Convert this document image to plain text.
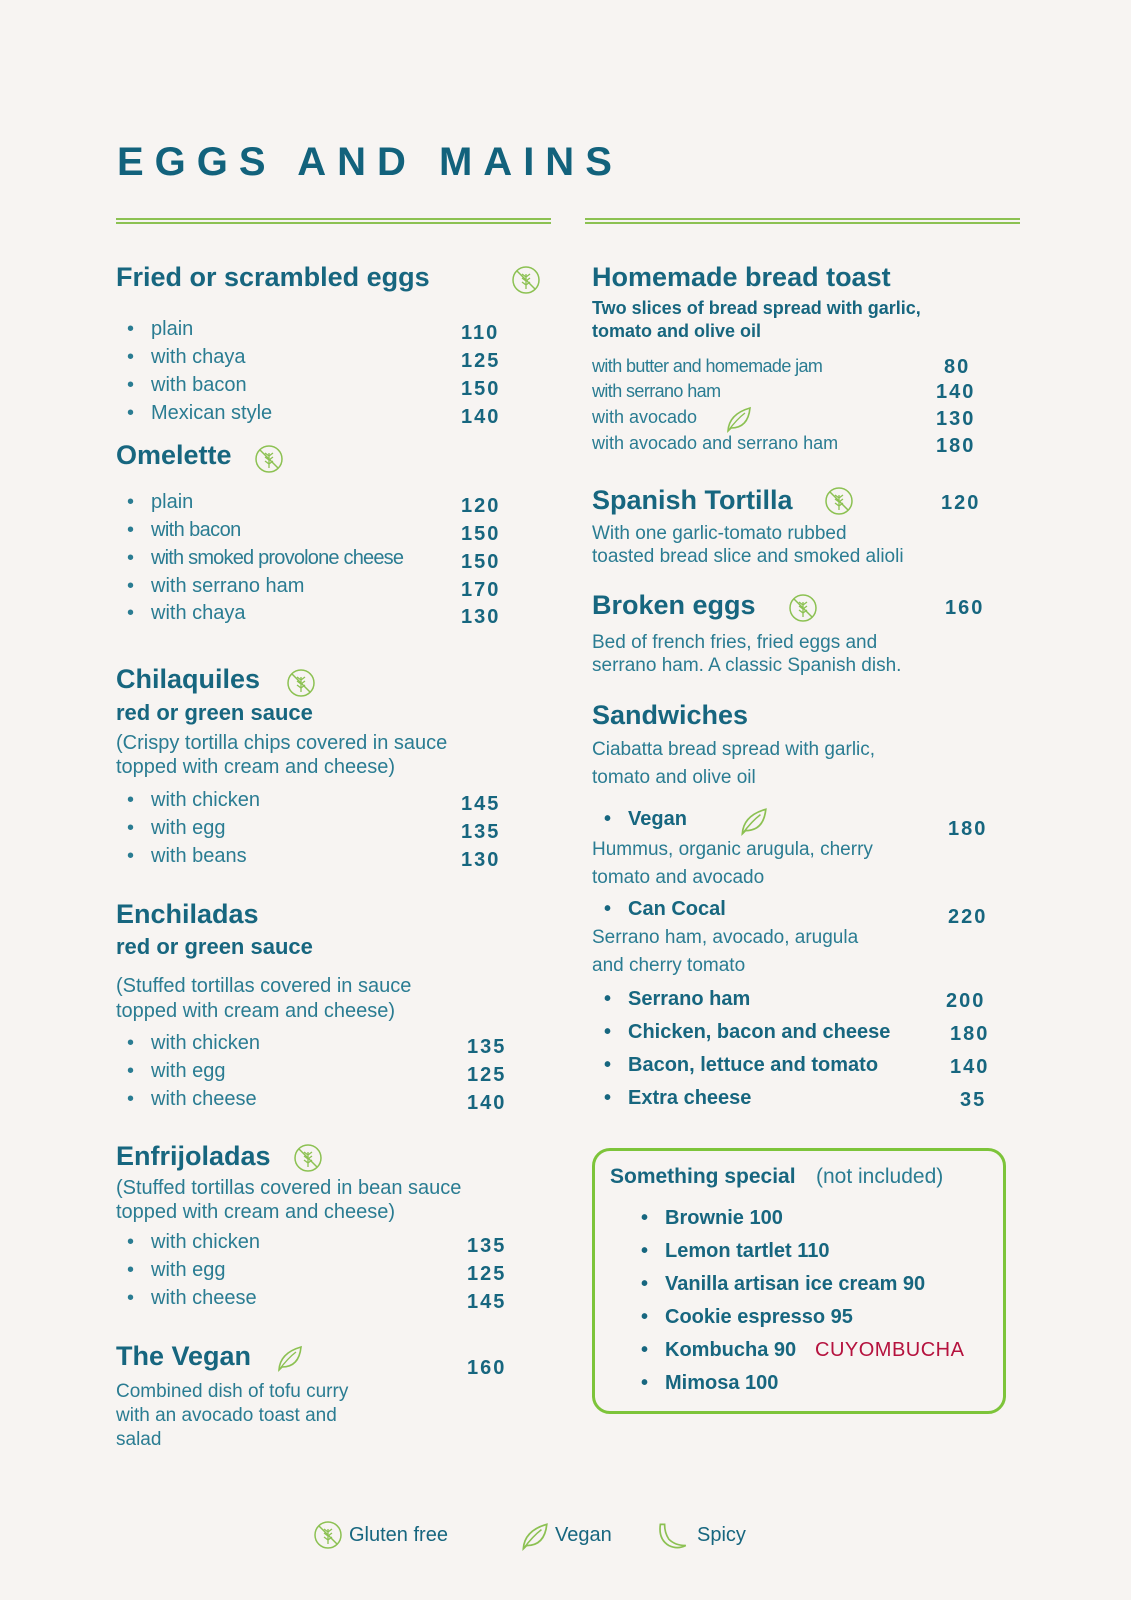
EGGS AND MAINS
Fried or scrambled eggs
• plain	110
• with chaya	125
• with bacon	150
• Mexican style	140
Omelette
• plain	120
• with bacon	150
• with smoked provolone cheese	150
• with serrano ham	170
• with chaya	130
Chilaquiles
red or green sauce
(Crispy tortilla chips covered in sauce
topped with cream and cheese)
• with chicken	145
• with egg	135
• with beans	130
Enchiladas
red or green sauce
(Stuffed tortillas covered in sauce
topped with cream and cheese)
• with chicken	135
• with egg	125
• with cheese	140
Enfrijoladas
(Stuffed tortillas covered in bean sauce
topped with cream and cheese)
• with chicken	135
• with egg	125
• with cheese	145
The Vegan	160
Combined dish of tofu curry
with an avocado toast and
salad
Homemade bread toast
Two slices of bread spread with garlic,
tomato and olive oil
with butter and homemade jam	80
with serrano ham	140
with avocado	130
with avocado and serrano ham	180
Spanish Tortilla	120
With one garlic-tomato rubbed
toasted bread slice and smoked alioli
Broken eggs	160
Bed of french fries, fried eggs and
serrano ham. A classic Spanish dish.
Sandwiches
Ciabatta bread spread with garlic,
tomato and olive oil
• Vegan	180
Hummus, organic arugula, cherry
tomato and avocado
• Can Cocal	220
Serrano ham, avocado, arugula
and cherry tomato
• Serrano ham	200
• Chicken, bacon and cheese	180
• Bacon, lettuce and tomato	140
• Extra cheese	35
Something special (not included)
• Brownie 100
• Lemon tartlet 110
• Vanilla artisan ice cream 90
• Cookie espresso 95
• Kombucha 90 CUYOMBUCHA
• Mimosa 100
Gluten free	Vegan	Spicy
